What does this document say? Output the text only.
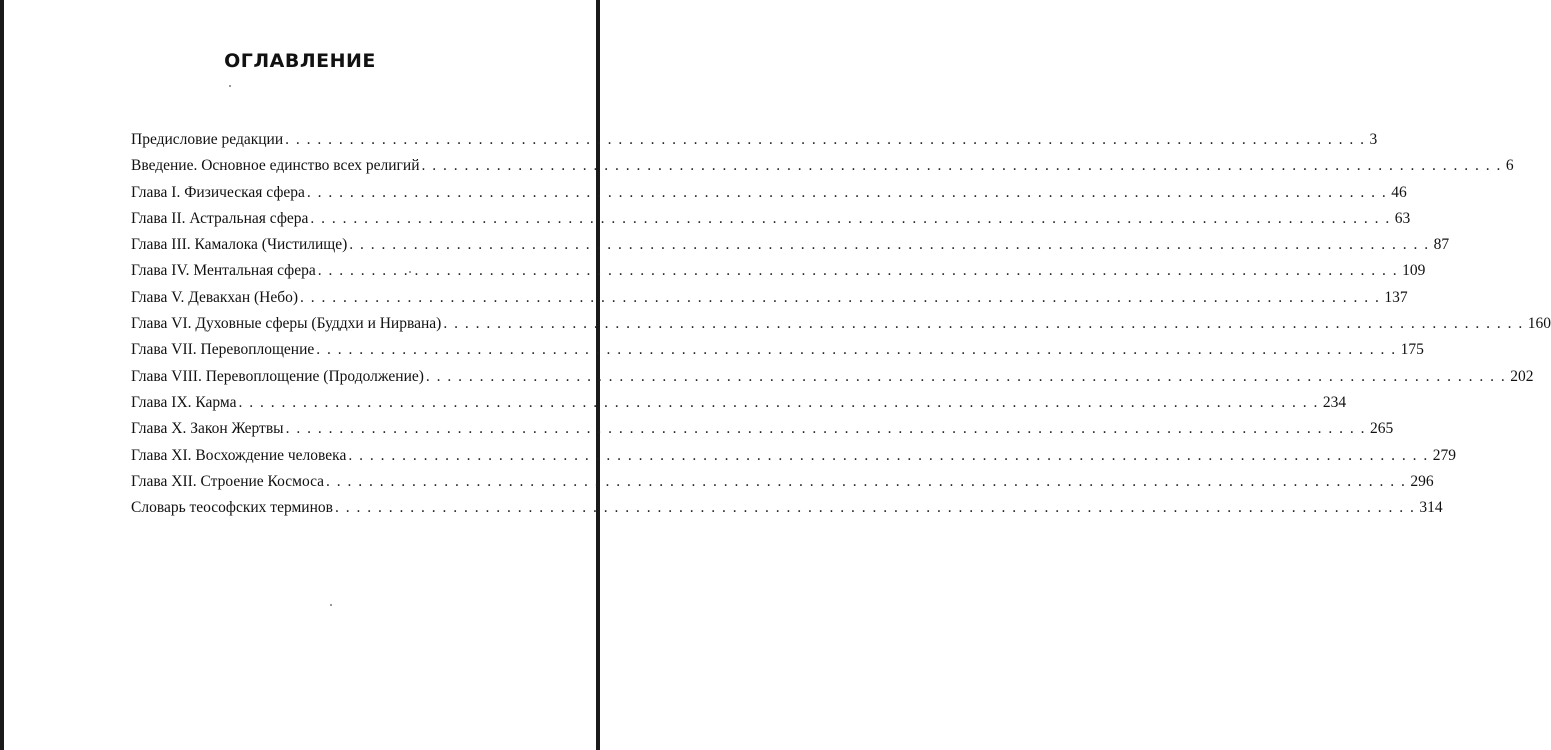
ОГЛАВЛЕНИЕ
Предисловие редакции . . .	3
Введение. Основное единство всех религий . . .	6
Глава I. Физическая сфера . . .	46
Глава II. Астральная сфера . . .	63
Глава III. Камалока (Чистилище) . . .	87
Глава IV. Ментальная сфера . . .	109
Глава V. Девакхан (Небо) . . .	137
Глава VI. Духовные сферы (Буддхи и Нирвана) . . .	160
Глава VII. Перевоплощение . . .	175
Глава VIII. Перевоплощение (Продолжение) . . .	202
Глава IX. Карма . . .	234
Глава X. Закон Жертвы . . .	265
Глава XI. Восхождение человека . . .	279
Глава XII. Строение Космоса . . .	296
Словарь теософских терминов . . .	314
